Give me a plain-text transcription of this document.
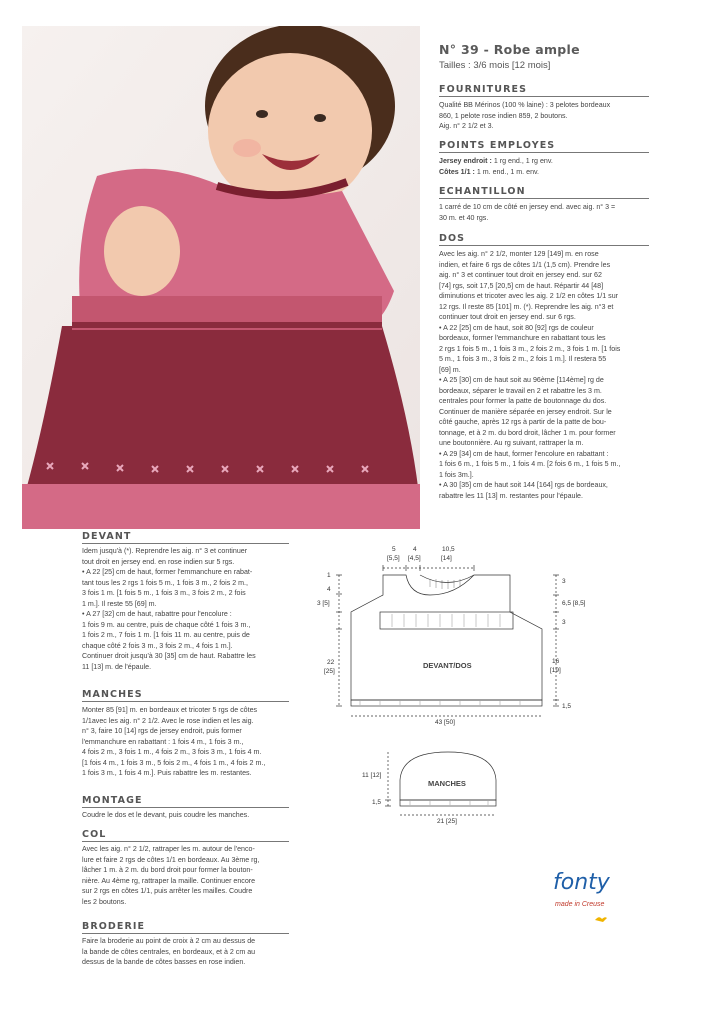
N° 39 - Robe ample
Tailles : 3/6 mois [12 mois]
FOURNITURES

Qualité BB Mérinos (100 % laine) : 3 pelotes bordeaux

860, 1 pelote rose indien 859, 2 boutons.

Aig. n° 2 1/2 et 3.

POINTS EMPLOYES

Jersey endroit : 1 rg end., 1 rg env.

Côtes 1/1 : 1 m. end., 1 m. env.

ECHANTILLON

1 carré de 10 cm de côté en jersey end. avec aig. n° 3 =

30 m. et 40 rgs.

DOS

Avec les aig. n° 2 1/2, monter 129 [149] m. en rose

indien, et faire 6 rgs de côtes 1/1 (1,5 cm). Prendre les

aig. n° 3 et continuer tout droit en jersey end. sur 62

[74] rgs, soit 17,5 [20,5] cm de haut. Répartir 44 [48]

diminutions et tricoter avec les aig. 2 1/2 en côtes 1/1 sur

12 rgs. Il reste 85 [101] m. (*). Reprendre les aig. n°3 et

continuer tout droit en jersey end. sur 6 rgs.

• A 22 [25] cm de haut, soit 80 [92] rgs de couleur

bordeaux, former l'emmanchure en rabattant tous les

2 rgs 1 fois 5 m., 1 fois 3 m., 2 fois 2 m., 3 fois 1 m. [1 fois

5 m., 1 fois 3 m., 3 fois 2 m., 2 fois 1 m.]. Il restera 55

[69] m.

• A 25 [30] cm de haut soit au 96ème [114ème] rg de

bordeaux, séparer le travail en 2 et rabattre les 3 m.

centrales pour former la patte de boutonnage du dos.

Continuer de manière séparée en jersey endroit. Sur le

côté gauche, après 12 rgs à partir de la patte de bou-

tonnage, et à 2 m. du bord droit, lâcher 1 m. pour former

une boutonnière. Au rg suivant, rattraper la m.

• A 29 [34] cm de haut, former l'encolure en rabattant :

1 fois 6 m., 1 fois 5 m., 1 fois 4 m. [2 fois 6 m., 1 fois 5 m.,

1 fois 3m.].

• A 30 [35] cm de haut soit 144 [164] rgs de bordeaux,

rabattre les 11 [13] m. restantes pour l'épaule.

DEVANT

Idem jusqu'à (*). Reprendre les aig. n° 3 et continuer

tout droit en jersey end. en rose indien sur 5 rgs.

• A 22 [25] cm de haut, former l'emmanchure en rabat-

tant tous les 2 rgs 1 fois 5 m., 1 fois 3 m., 2 fois 2 m.,

3 fois 1 m. [1 fois 5 m., 1 fois 3 m., 3 fois 2 m., 2 fois

1 m.]. Il reste 55 [69] m.

• A 27 [32] cm de haut, rabattre pour l'encolure :

1 fois 9 m. au centre, puis de chaque côté 1 fois 3 m.,

1 fois 2 m., 7 fois 1 m. [1 fois 11 m. au centre, puis de

chaque côté 2 fois 3 m., 3 fois 2 m., 4 fois 1 m.].

Continuer droit jusqu'à 30 [35] cm de haut. Rabattre les

11 [13] m. de l'épaule.

MANCHES

Monter 85 [91] m. en bordeaux et tricoter 5 rgs de côtes

1/1avec les aig. n° 2 1/2. Avec le rose indien et les aig.

n° 3, faire 10 [14] rgs de jersey endroit, puis former

l'emmanchure en rabattant : 1 fois 4 m., 1 fois 3 m.,

4 fois 2 m., 3 fois 1 m., 4 fois 2 m., 3 fois 3 m., 1 fois 4 m.

[1 fois 4 m., 1 fois 3 m., 5 fois 2 m., 4 fois 1 m., 4 fois 2 m.,

1 fois 3 m., 1 fois 4 m.]. Puis rabattre les m. restantes.

MONTAGE

Coudre le dos et le devant, puis coudre les manches.

COL

Avec les aig. n° 2 1/2, rattraper les m. autour de l'enco-

lure et faire 2 rgs de côtes 1/1 en bordeaux. Au 3ème rg,

lâcher 1 m. à 2 m. du bord droit pour former la bouton-

nière. Au 4ème rg, rattraper la maille. Continuer encore

sur 2 rgs en côtes 1/1, puis arrêter les mailles. Coudre

les 2 boutons.

BRODERIE

Faire la broderie au point de croix à 2 cm au dessus de

la bande de côtes centrales, en bordeaux, et à 2 cm au

dessus de la bande de côtes basses en rose indien.

5
[5,5]
4
[4,5]
10,5
[14]
1
4
3 [5]
22
[25]
3
6,5 [8,5]
3
16
[19]
1,5
DEVANT/DOS
43 [50]
MANCHES
11 [12]
1,5
21 [25]
fonty
made in Creuse
